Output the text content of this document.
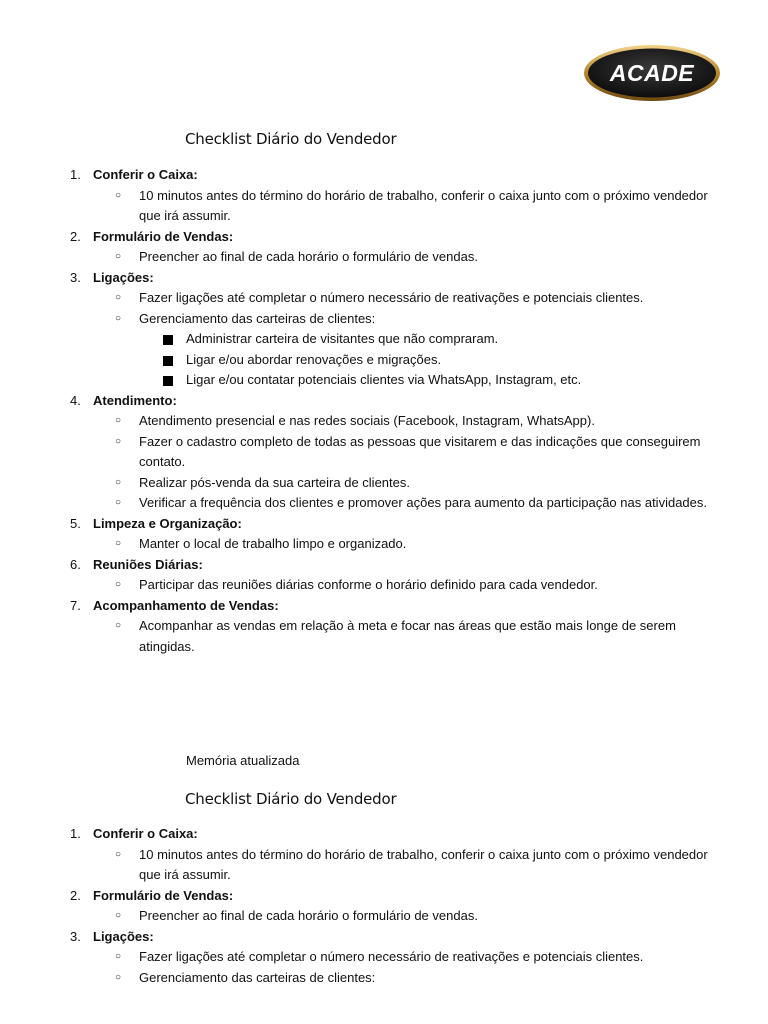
ACADE
Checklist Diário do Vendedor
1. Conferir o Caixa:

○ 10 minutos antes do término do horário de trabalho, conferir o caixa junto com o próximo vendedor que irá assumir.
2. Formulário de Vendas:

○ Preencher ao final de cada horário o formulário de vendas.
3. Ligações:

○ Fazer ligações até completar o número necessário de reativações e potenciais clientes.
○ Gerenciamento das carteiras de clientes:
Administrar carteira de visitantes que não compraram.
Ligar e/ou abordar renovações e migrações.
Ligar e/ou contatar potenciais clientes via WhatsApp, Instagram, etc.
4. Atendimento:

○ Atendimento presencial e nas redes sociais (Facebook, Instagram, WhatsApp).
○ Fazer o cadastro completo de todas as pessoas que visitarem e das indicações que conseguirem contato.
○ Realizar pós-venda da sua carteira de clientes.
○ Verificar a frequência dos clientes e promover ações para aumento da participação nas atividades.
5. Limpeza e Organização:

○ Manter o local de trabalho limpo e organizado.
6. Reuniões Diárias:

○ Participar das reuniões diárias conforme o horário definido para cada vendedor.
7. Acompanhamento de Vendas:

○ Acompanhar as vendas em relação à meta e focar nas áreas que estão mais longe de serem atingidas.
Memória atualizada
Checklist Diário do Vendedor
1. Conferir o Caixa:

○ 10 minutos antes do término do horário de trabalho, conferir o caixa junto com o próximo vendedor que irá assumir.
2. Formulário de Vendas:

○ Preencher ao final de cada horário o formulário de vendas.
3. Ligações:

○ Fazer ligações até completar o número necessário de reativações e potenciais clientes.
○ Gerenciamento das carteiras de clientes:
